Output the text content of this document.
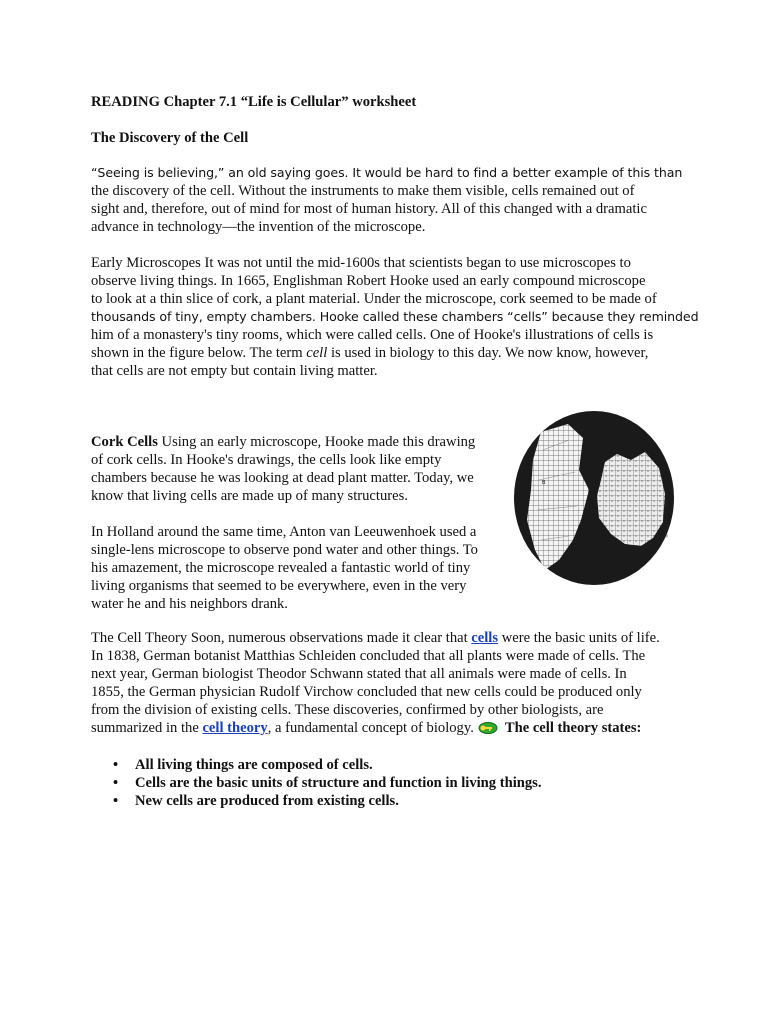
READING Chapter 7.1 “Life is Cellular” worksheet
The Discovery of the Cell
“Seeing is believing,” an old saying goes. It would be hard to find a better example of this than
the discovery of the cell. Without the instruments to make them visible, cells remained out of
sight and, therefore, out of mind for most of human history. All of this changed with a dramatic
advance in technology—the invention of the microscope.
Early Microscopes It was not until the mid-1600s that scientists began to use microscopes to
observe living things. In 1665, Englishman Robert Hooke used an early compound microscope
to look at a thin slice of cork, a plant material. Under the microscope, cork seemed to be made of
thousands of tiny, empty chambers. Hooke called these chambers “cells” because they reminded
him of a monastery's tiny rooms, which were called cells. One of Hooke's illustrations of cells is
shown in the figure below. The term cell is used in biology to this day. We now know, however,
that cells are not empty but contain living matter.
Cork Cells Using an early microscope, Hooke made this drawing
of cork cells. In Hooke's drawings, the cells look like empty
chambers because he was looking at dead plant matter. Today, we
know that living cells are made up of many structures.
In Holland around the same time, Anton van Leeuwenhoek used a
single-lens microscope to observe pond water and other things. To
his amazement, the microscope revealed a fantastic world of tiny
living organisms that seemed to be everywhere, even in the very
water he and his neighbors drank.
B
© Peter Arnold, Inc.
The Cell Theory Soon, numerous observations made it clear that cells were the basic units of life.
In 1838, German botanist Matthias Schleiden concluded that all plants were made of cells. The
next year, German biologist Theodor Schwann stated that all animals were made of cells. In
1855, the German physician Rudolf Virchow concluded that new cells could be produced only
from the division of existing cells. These discoveries, confirmed by other biologists, are
summarized in the cell theory, a fundamental concept of biology. The cell theory states:
• All living things are composed of cells.
• Cells are the basic units of structure and function in living things.
• New cells are produced from existing cells.
